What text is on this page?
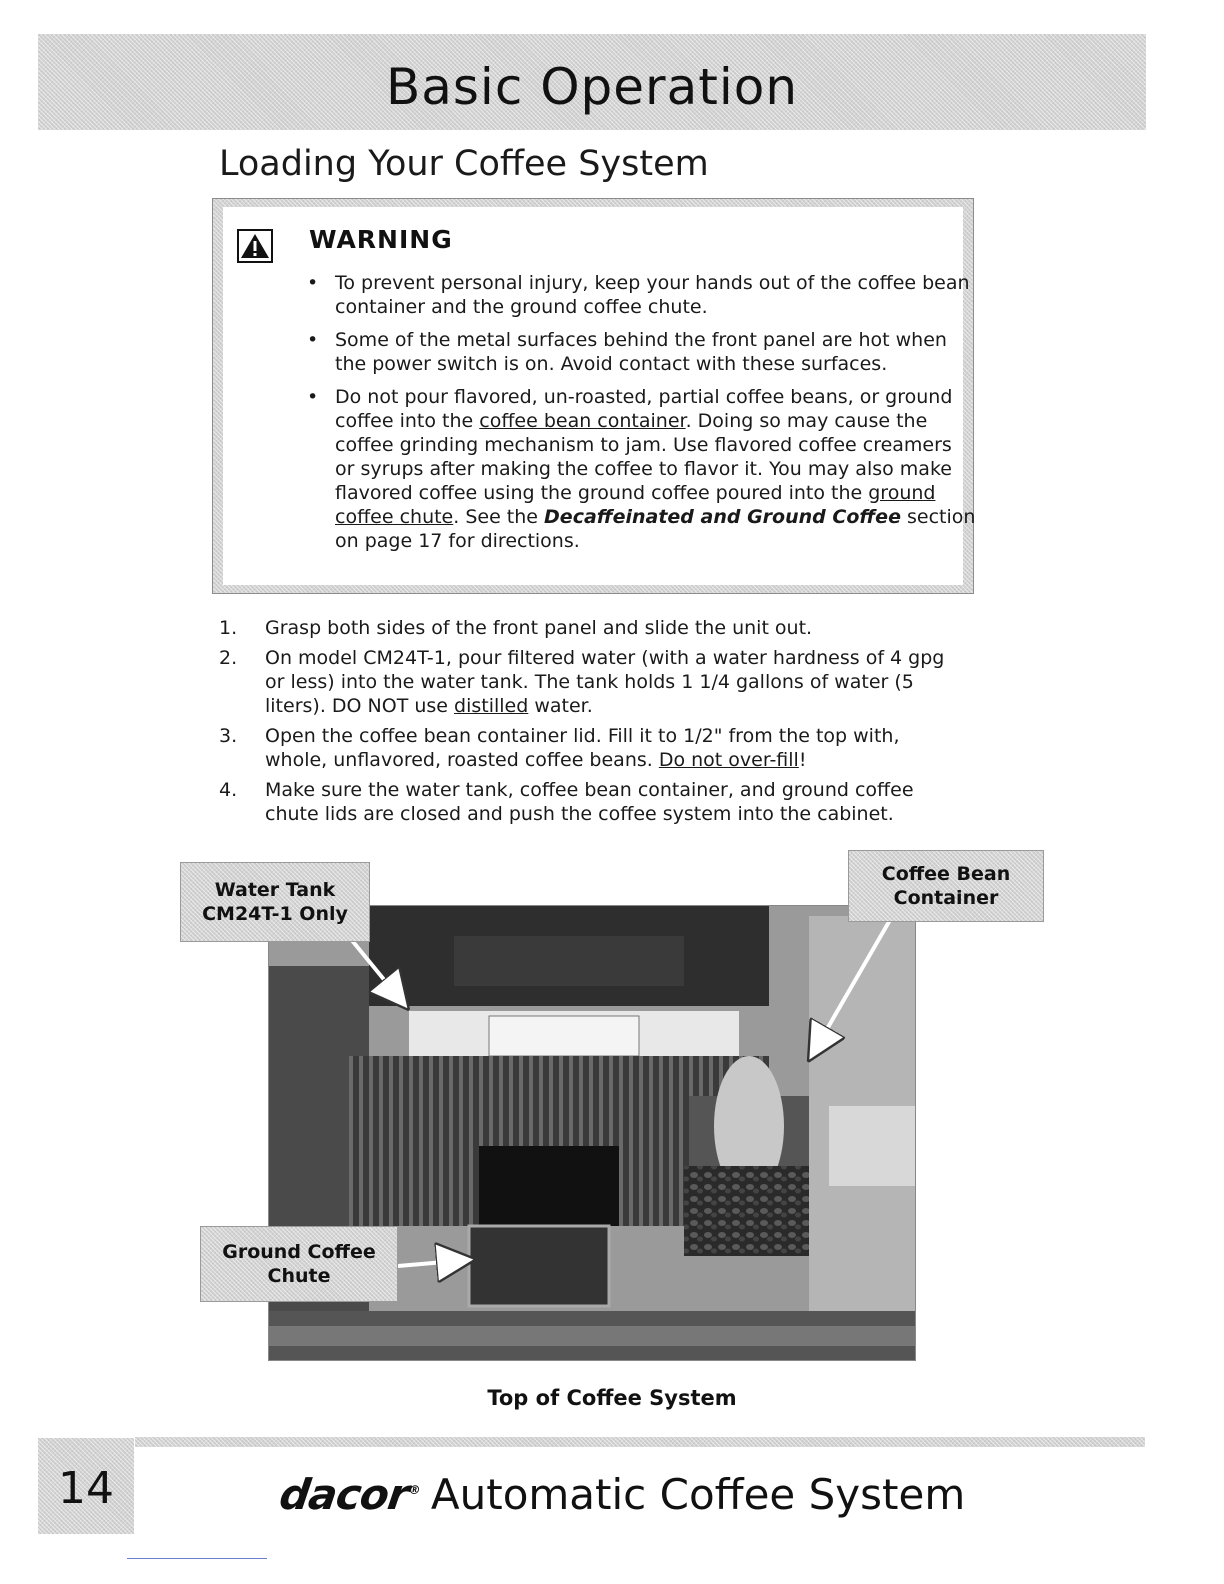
Basic Operation
Loading Your Coffee System
WARNING
• To prevent personal injury, keep your hands out of the coffee bean container and the ground coffee chute.
• Some of the metal surfaces behind the front panel are hot when the power switch is on. Avoid contact with these surfaces.
• Do not pour flavored, un-roasted, partial coffee beans, or ground coffee into the coffee bean container. Doing so may cause the coffee grinding mechanism to jam. Use flavored coffee creamers or syrups after making the coffee to flavor it. You may also make flavored coffee using the ground coffee poured into the ground coffee chute. See the Decaffeinated and Ground Coffee section on page 17 for directions.
1. Grasp both sides of the front panel and slide the unit out.
2. On model CM24T-1, pour filtered water (with a water hardness of 4 gpg or less) into the water tank. The tank holds 1 1/4 gallons of water (5 liters). DO NOT use distilled water.
3. Open the coffee bean container lid. Fill it to 1/2" from the top with, whole, unflavored, roasted coffee beans. Do not over-fill!
4. Make sure the water tank, coffee bean container, and ground coffee chute lids are closed and push the coffee system into the cabinet.
Water Tank
CM24T-1 Only
Coffee Bean
Container
Ground Coffee
Chute
Top of Coffee System
14	dacor® Automatic Coffee System
